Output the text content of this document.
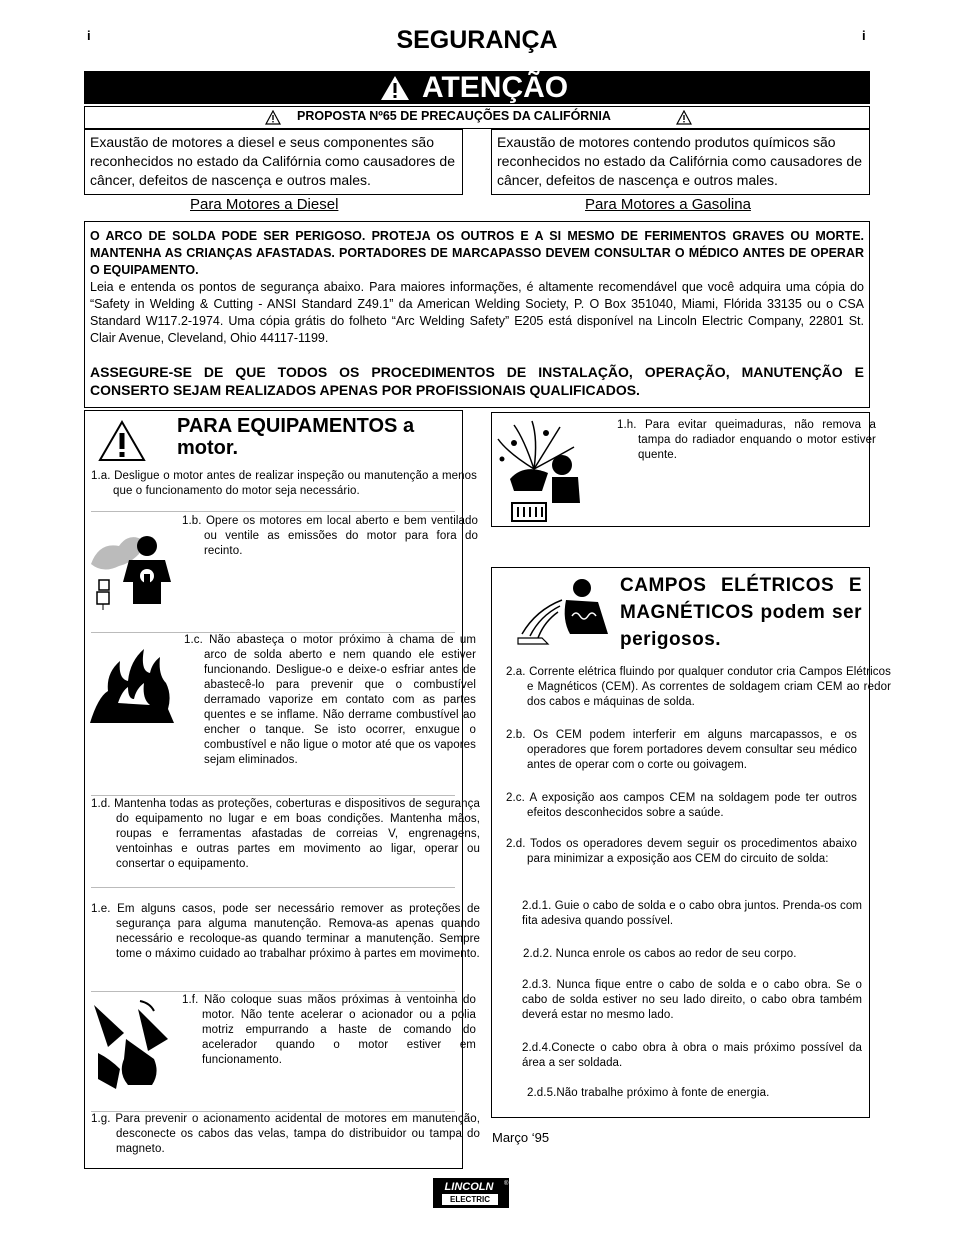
i	i
SEGURANÇA
ATENÇÃO
PROPOSTA Nº65 DE PRECAUÇÕES DA CALIFÓRNIA
Exaustão de motores a diesel e seus componentes são reconhecidos no estado da Califórnia como causadores de câncer, defeitos de nascença e outros males.
Exaustão de motores contendo produtos químicos são reconhecidos no estado da Califórnia como causadores de câncer, defeitos de nascença e outros males.
Para Motores a Diesel	Para Motores a Gasolina
O ARCO DE SOLDA PODE SER PERIGOSO. PROTEJA OS OUTROS E A SI MESMO DE FERIMENTOS GRAVES OU MORTE. MANTENHA AS CRIANÇAS AFASTADAS. PORTADORES DE MARCAPASSO DEVEM CONSULTAR O MÉDICO ANTES DE OPERAR O EQUIPAMENTO.
Leia e entenda os pontos de segurança abaixo. Para maiores informações, é altamente recomendável que você adquira uma cópia do “Safety in Welding & Cutting - ANSI Standard Z49.1” da American Welding Society, P. O Box 351040, Miami, Flórida 33135 ou o CSA Standard W117.2-1974. Uma cópia grátis do folheto “Arc Welding Safety” E205 está disponível na Lincoln Electric Company, 22801 St. Clair Avenue, Cleveland, Ohio 44117-1199.
ASSEGURE-SE DE QUE TODOS OS PROCEDIMENTOS DE INSTALAÇÃO, OPERAÇÃO, MANUTENÇÃO E CONSERTO SEJAM REALIZADOS APENAS POR PROFISSIONAIS QUALIFICADOS.
PARA EQUIPAMENTOS a motor.
1.a. Desligue o motor antes de realizar inspeção ou manutenção a menos que o funcionamento do motor seja necessário.
1.b. Opere os motores em local aberto e bem ventilado ou ventile as emissões do motor para fora do recinto.
1.c. Não abasteça o motor próximo à chama de um arco de solda aberto e nem quando ele estiver funcionando. Desligue-o e deixe-o esfriar antes de abastecê-lo para prevenir que o combustível derramado vaporize em contato com as partes quentes e se inflame. Não derrame combustível ao encher o tanque. Se isto ocorrer, enxugue o combustível e não ligue o motor até que os vapores sejam eliminados.
1.d. Mantenha todas as proteções, coberturas e dispositivos de segurança do equipamento no lugar e em boas condições. Mantenha mãos, roupas e ferramentas afastadas de correias V, engrenagens, ventoinhas e outras partes em movimento ao ligar, operar ou consertar o equipamento.
1.e. Em alguns casos, pode ser necessário remover as proteções de segurança para alguma manutenção. Remova-as apenas quando necessário e recoloque-as quando terminar a manutenção. Sempre tome o máximo cuidado ao trabalhar próximo à partes em movimento.
1.f. Não coloque suas mãos próximas à ventoinha do motor. Não tente acelerar o acionador ou a polia motriz empurrando a haste de comando do acelerador quando o motor estiver em funcionamento.
1.g. Para prevenir o acionamento acidental de motores em manutenção, desconecte os cabos das velas, tampa do distribuidor ou tampa do magneto.
1.h. Para evitar queimaduras, não remova a tampa do radiador enquando o motor estiver quente.
CAMPOS ELÉTRICOS E MAGNÉTICOS podem ser perigosos.
2.a. Corrente elétrica fluindo por qualquer condutor cria Campos Elétricos e Magnéticos (CEM). As correntes de soldagem criam CEM ao redor dos cabos e máquinas de solda.
2.b. Os CEM podem interferir em alguns marcapassos, e os operadores que forem portadores devem consultar seu médico antes de operar com o corte ou goivagem.
2.c. A exposição aos campos CEM na soldagem pode ter outros efeitos desconhecidos sobre a saúde.
2.d. Todos os operadores devem seguir os procedimentos abaixo para minimizar a exposição aos CEM do circuito de solda:
2.d.1. Guie o cabo de solda e o cabo obra juntos. Prenda-os com fita adesiva quando possível.
2.d.2. Nunca enrole os cabos ao redor de seu corpo.
2.d.3. Nunca fique entre o cabo de solda e o cabo obra. Se o cabo de solda estiver no seu lado direito, o cabo obra também deverá estar no mesmo lado.
2.d.4.Conecte o cabo obra à obra o mais próximo possível da área a ser soldada.
2.d.5.Não trabalhe próximo à fonte de energia.
Março ‘95
LINCOLN
ELECTRIC
®
